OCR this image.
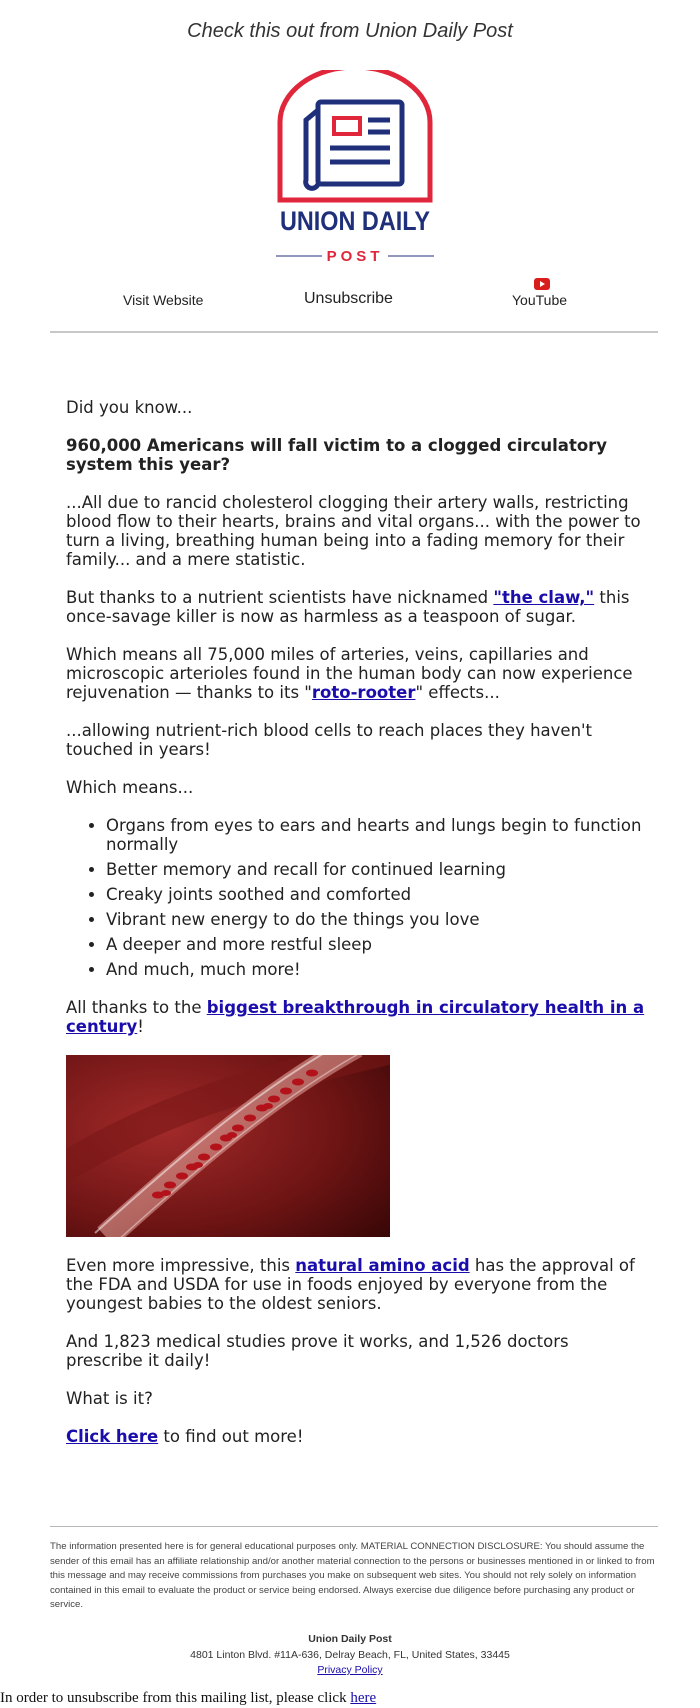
Check this out from Union Daily Post
UNION DAILY
POST
Visit Website	Unsubscribe	YouTube

Did you know...

960,000 Americans will fall victim to a clogged circulatory system this year?

...All due to rancid cholesterol clogging their artery walls, restricting blood flow to their hearts, brains and vital organs... with the power to turn a living, breathing human being into a fading memory for their family... and a mere statistic.

But thanks to a nutrient scientists have nicknamed "the claw," this once-savage killer is now as harmless as a teaspoon of sugar.

Which means all 75,000 miles of arteries, veins, capillaries and microscopic arterioles found in the human body can now experience rejuvenation — thanks to its "roto-rooter" effects...

...allowing nutrient-rich blood cells to reach places they haven't touched in years!

Which means...

• Organs from eyes to ears and hearts and lungs begin to function normally
• Better memory and recall for continued learning
• Creaky joints soothed and comforted
• Vibrant new energy to do the things you love
• A deeper and more restful sleep
• And much, much more!

All thanks to the biggest breakthrough in circulatory health in a century!

Even more impressive, this natural amino acid has the approval of the FDA and USDA for use in foods enjoyed by everyone from the youngest babies to the oldest seniors.

And 1,823 medical studies prove it works, and 1,526 doctors prescribe it daily!

What is it?

Click here to find out more!

The information presented here is for general educational purposes only. MATERIAL CONNECTION DISCLOSURE: You should assume the sender of this email has an affiliate relationship and/or another material connection to the persons or businesses mentioned in or linked to from this message and may receive commissions from purchases you make on subsequent web sites. You should not rely solely on information contained in this email to evaluate the product or service being endorsed. Always exercise due diligence before purchasing any product or service.
Union Daily Post
4801 Linton Blvd. #11A-636, Delray Beach, FL, United States, 33445
Privacy Policy
In order to unsubscribe from this mailing list, please click here
